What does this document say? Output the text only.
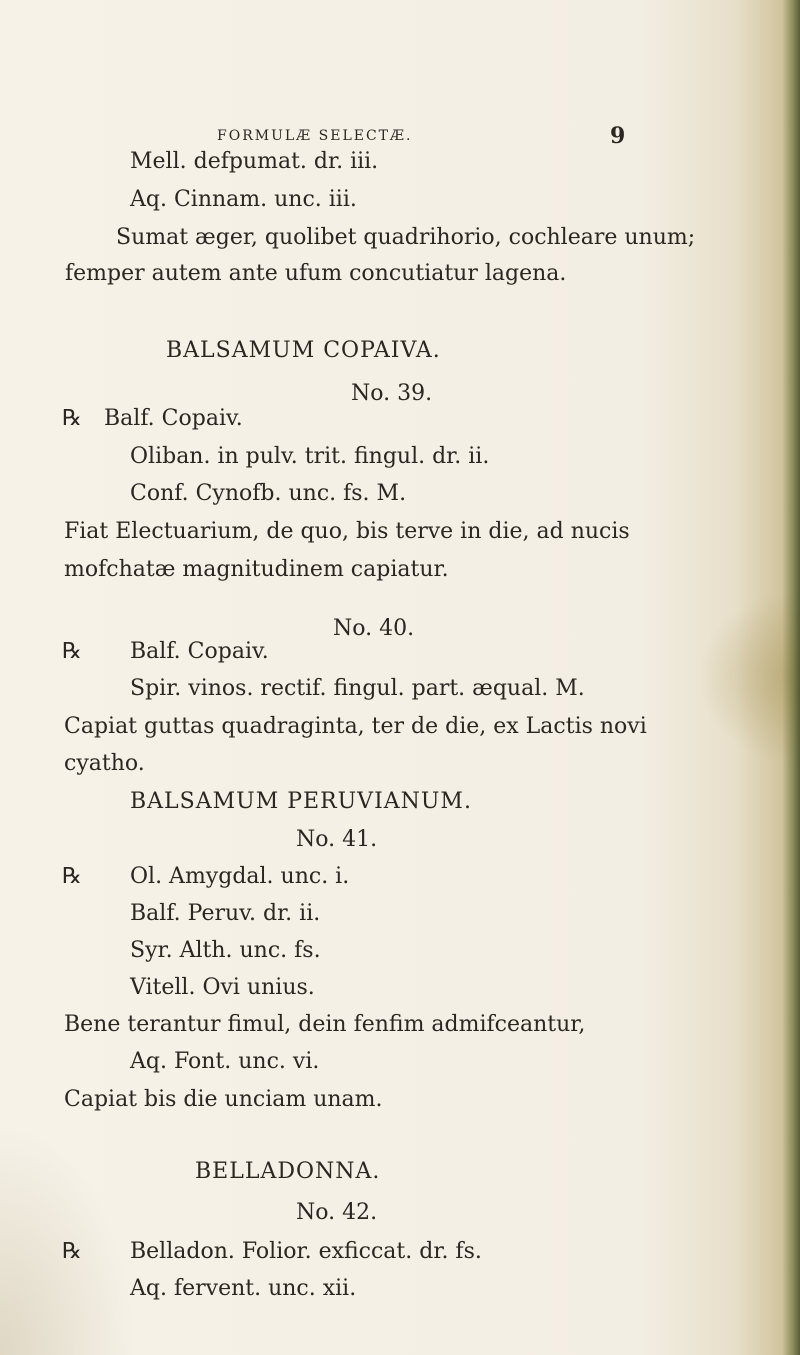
FORMULÆ SELECTÆ.	9
Mell. defpumat. dr. iii.
Aq. Cinnam. unc. iii.
Sumat æger, quolibet quadrihorio, cochleare unum;
femper autem ante ufum concutiatur lagena.
BALSAMUM COPAIVA.
No. 39.
℞ Balf. Copaiv.
Oliban. in pulv. trit. fingul. dr. ii.
Conf. Cynofb. unc. fs. M.
Fiat Electuarium, de quo, bis terve in die, ad nucis
mofchatæ magnitudinem capiatur.
No. 40.
℞ Balf. Copaiv.
Spir. vinos. rectif. fingul. part. æqual. M.
Capiat guttas quadraginta, ter de die, ex Lactis novi
cyatho.
BALSAMUM PERUVIANUM.
No. 41.
℞ Ol. Amygdal. unc. i.
Balf. Peruv. dr. ii.
Syr. Alth. unc. fs.
Vitell. Ovi unius.
Bene terantur fimul, dein fenfim admifceantur,
Aq. Font. unc. vi.
Capiat bis die unciam unam.
BELLADONNA.
No. 42.
℞ Belladon. Folior. exficcat. dr. fs.
Aq. fervent. unc. xii.
